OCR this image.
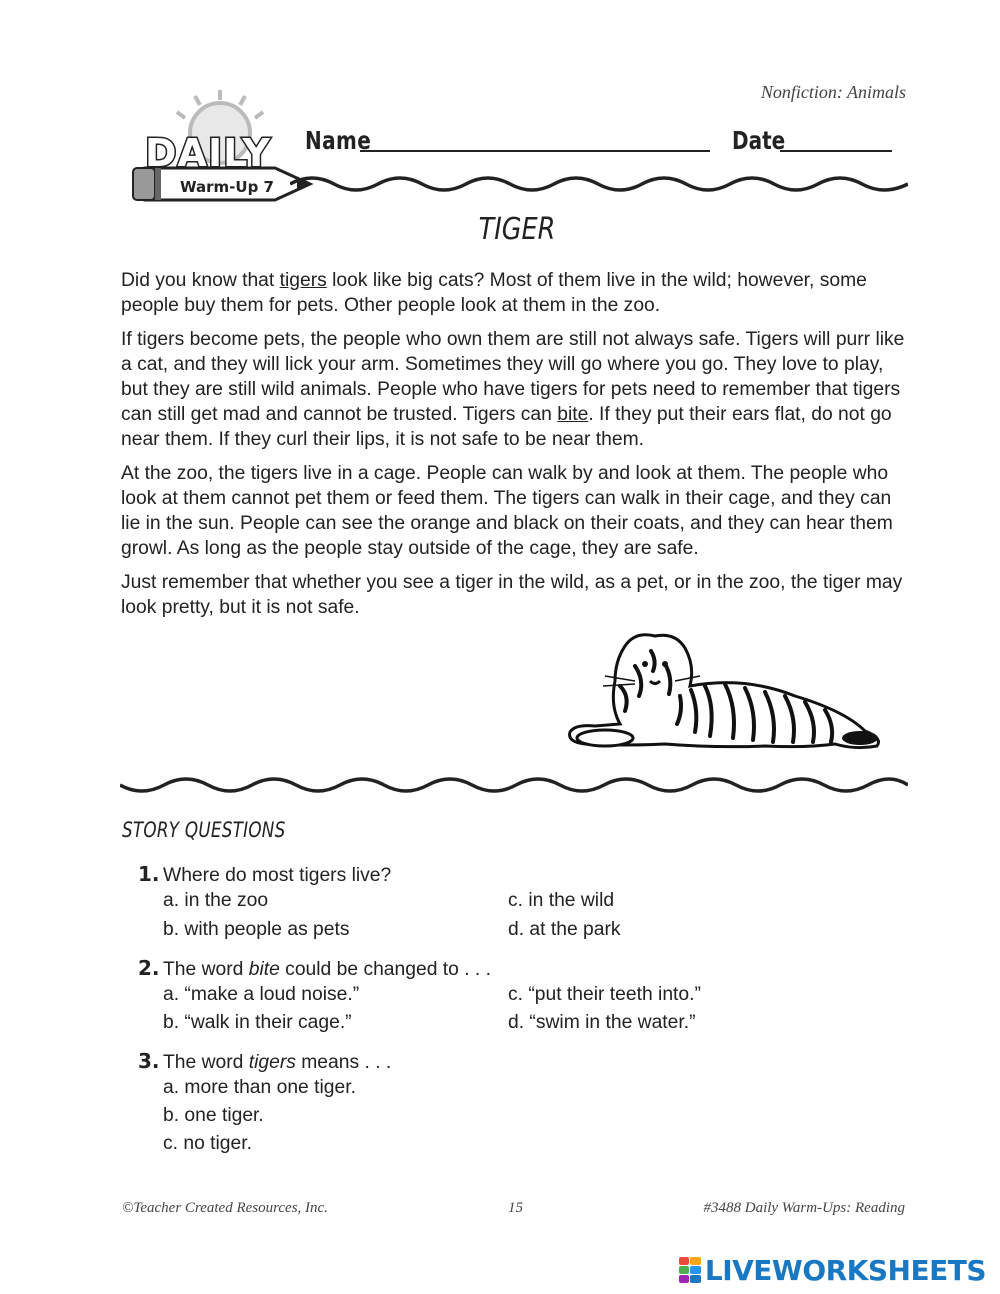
Nonfiction: Animals
DAILY
Warm-Up 7
Name	Date
TIGER

Did you know that tigers look like big cats? Most of them live in the wild; however, some people buy them for pets. Other people look at them in the zoo.

If tigers become pets, the people who own them are still not always safe. Tigers will purr like a cat, and they will lick your arm. Sometimes they will go where you go. They love to play, but they are still wild animals. People who have tigers for pets need to remember that tigers can still get mad and cannot be trusted. Tigers can bite. If they put their ears flat, do not go near them. If they curl their lips, it is not safe to be near them.

At the zoo, the tigers live in a cage. People can walk by and look at them. The people who look at them cannot pet them or feed them. The tigers can walk in their cage, and they can lie in the sun. People can see the orange and black on their coats, and they can hear them growl. As long as the people stay outside of the cage, they are safe.

Just remember that whether you see a tiger in the wild, as a pet, or in the zoo, the tiger may look pretty, but it is not safe.

STORY QUESTIONS
1. Where do most tigers live?
a. in the zoo
b. with people as pets
c. in the wild
d. at the park
2. The word bite could be changed to . . .
a. “make a loud noise.”
b. “walk in their cage.”
c. “put their teeth into.”
d. “swim in the water.”
3. The word tigers means . . .
a. more than one tiger.
b. one tiger.
c. no tiger.
©Teacher Created Resources, Inc.	15	#3488 Daily Warm-Ups: Reading
LIVEWORKSHEETS
